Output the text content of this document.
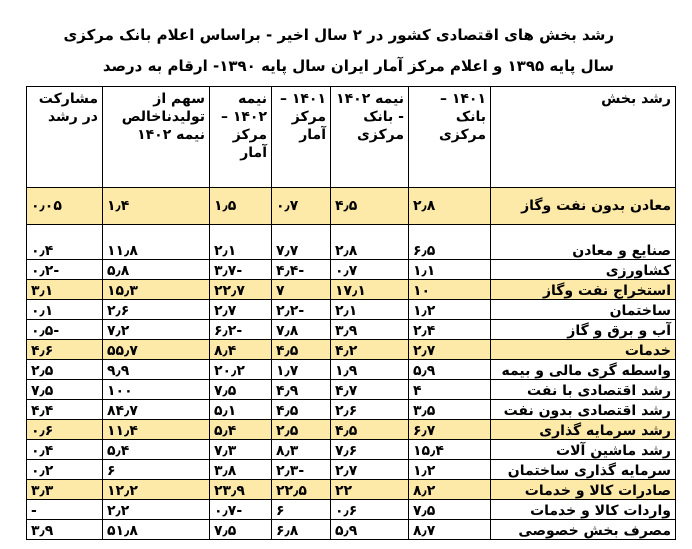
رشد بخش های اقتصادی کشور در ۲ سال اخیر - براساس اعلام بانک مرکزی
سال پایه ۱۳۹۵ و اعلام مرکز آمار ایران سال پایه ۱۳۹۰- ارقام به درصد
رشد بخش	۱۴۰۱ – بانک مرکزی	نیمه ۱۴۰۲ - بانک مرکزی	۱۴۰۱ – مرکز آمار	نیمه ۱۴۰۲ – مرکز آمار	سهم از تولیدناخالص نیمه ۱۴۰۲	مشارکت در رشد
معادن بدون نفت وگاز	۲٫۸	۴٫۵	۰٫۷	۱٫۵	۱٫۴	۰٫۰۵
صنایع و معادن	۶٫۵	۲٫۸	۷٫۷	۲٫۱	۱۱٫۸	۰٫۴
کشاورزی	۱٫۱	۰٫۷	-۴٫۴	-۳٫۷	۵٫۸	-۰٫۲
استخراج نفت وگاز	۱۰	۱۷٫۱	۷	۲۲٫۷	۱۵٫۳	۳٫۱
ساختمان	۱٫۲	۲٫۱	-۲٫۲	۲٫۷	۲٫۶	۰٫۱
آب و برق و گاز	۲٫۴	۳٫۹	۷٫۸	-۶٫۲	۷٫۲	-۰٫۵
خدمات	۲٫۷	۴٫۲	۴٫۵	۸٫۴	۵۵٫۷	۴٫۶
واسطه گری مالی و بیمه	۵٫۹	۱٫۹	۱٫۷	۲۰٫۲	۹٫۹	۲٫۵
رشد اقتصادی با نفت	۴	۴٫۷	۴٫۹	۷٫۵	۱۰۰	۷٫۵
رشد اقتصادی بدون نفت	۳٫۵	۲٫۶	۴٫۵	۵٫۱	۸۴٫۷	۴٫۴
رشد سرمایه گذاری	۶٫۷	۴٫۵	۲٫۵	۵٫۴	۱۱٫۴	۰٫۶
رشد ماشین آلات	۱۵٫۴	۷٫۶	۸٫۳	۷٫۳	۵٫۴	۰٫۴
سرمایه گذاری ساختمان	۱٫۲	۲٫۷	-۲٫۳	۳٫۸	۶	۰٫۲
صادرات کالا و خدمات	۸٫۲	۲۲	۲۲٫۵	۲۳٫۹	۱۲٫۲	۳٫۳
واردات کالا و خدمات	۷٫۵	۰٫۶	۶	-۰٫۷	۲٫۲	-
مصرف بخش خصوصی	۸٫۷	۵٫۹	۶٫۸	۷٫۵	۵۱٫۸	۳٫۹
